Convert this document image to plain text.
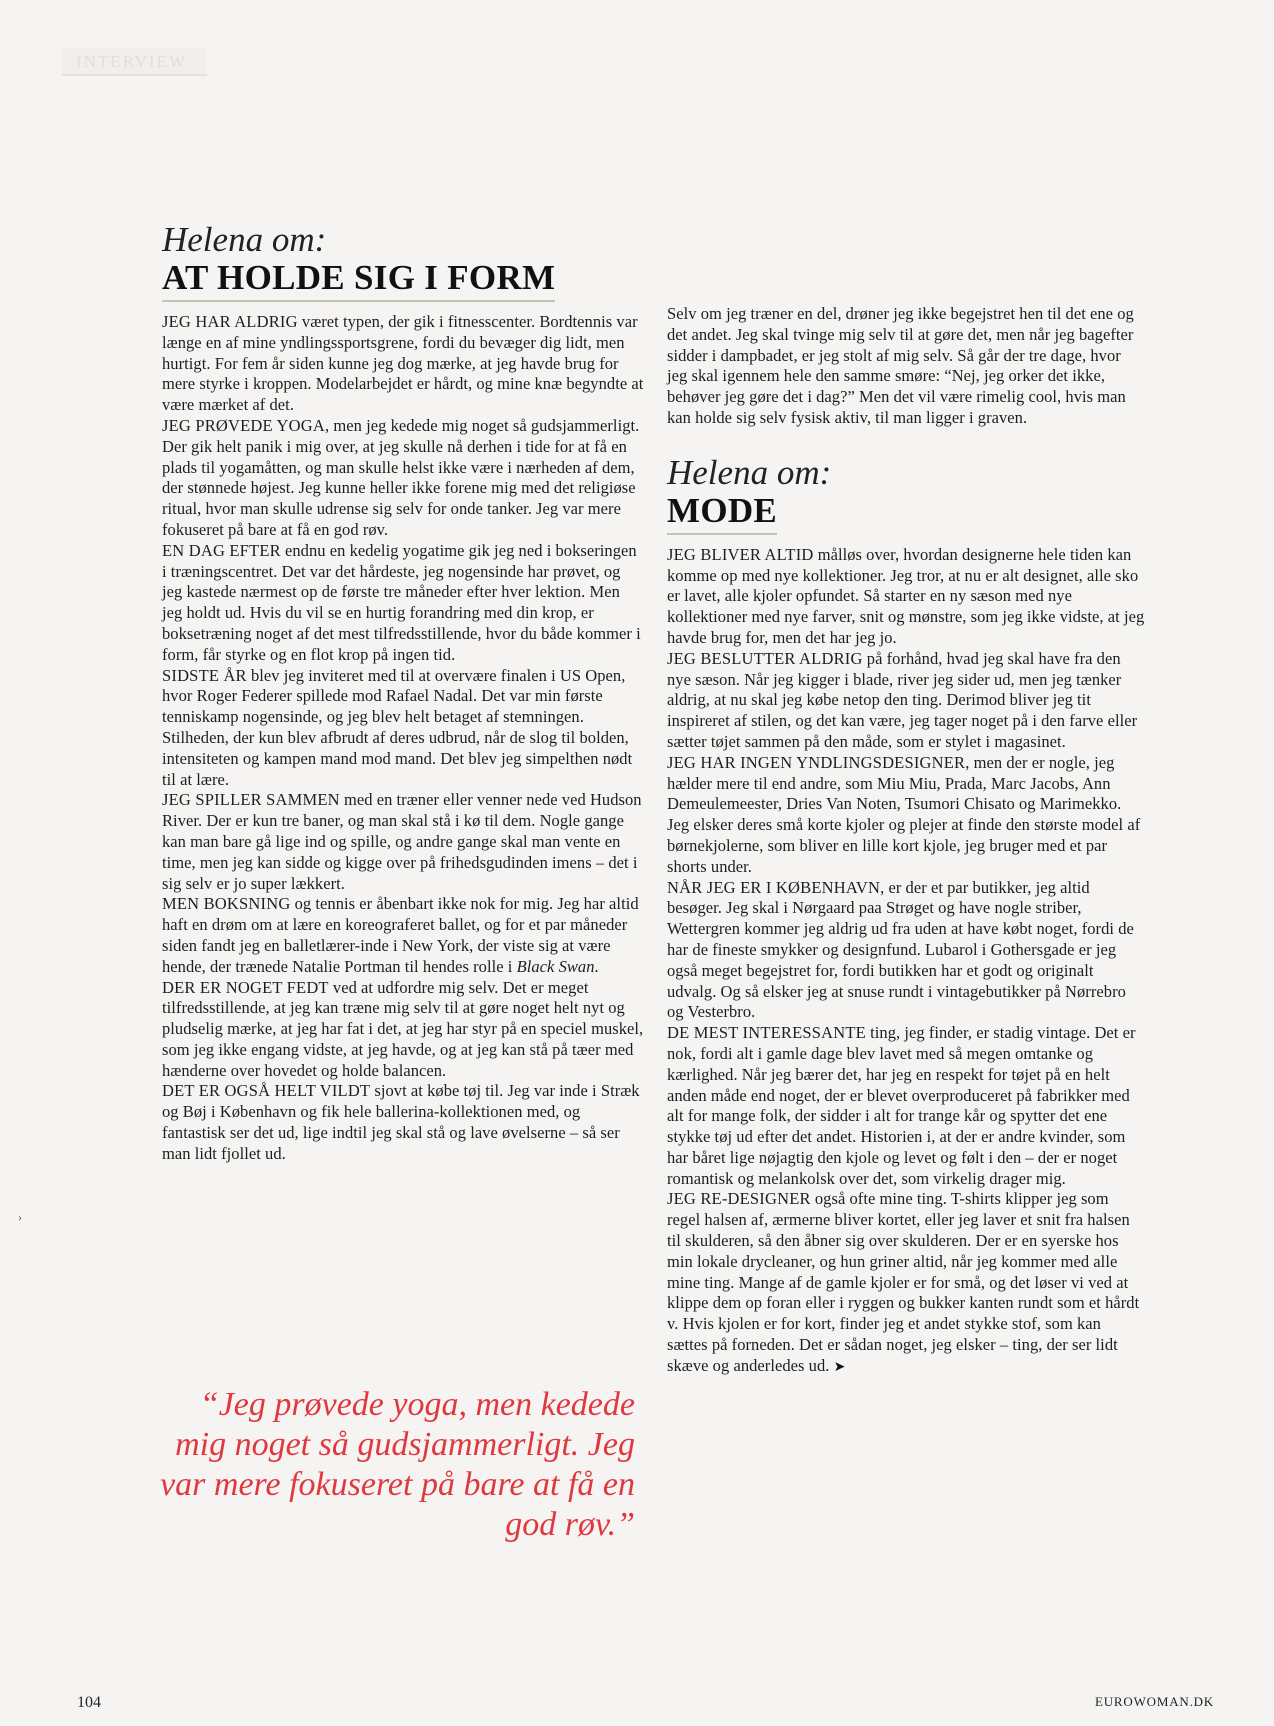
INTERVIEW

Helena om:

AT HOLDE SIG I FORM

JEG HAR ALDRIG været typen, der gik i fitnesscenter. Bordtennis var længe en af mine yndlingssportsgrene, fordi du bevæger dig lidt, men hurtigt. For fem år siden kunne jeg dog mærke, at jeg havde brug for mere styrke i kroppen. Modelarbejdet er hårdt, og mine knæ begyndte at være mærket af det.

JEG PRØVEDE YOGA, men jeg kedede mig noget så gudsjammerligt. Der gik helt panik i mig over, at jeg skulle nå derhen i tide for at få en plads til yogamåtten, og man skulle helst ikke være i nærheden af dem, der stønnede højest. Jeg kunne heller ikke forene mig med det religiøse ritual, hvor man skulle udrense sig selv for onde tanker. Jeg var mere fokuseret på bare at få en god røv.

EN DAG EFTER endnu en kedelig yogatime gik jeg ned i bokseringen i træningscentret. Det var det hårdeste, jeg nogensinde har prøvet, og jeg kastede nærmest op de første tre måneder efter hver lektion. Men jeg holdt ud. Hvis du vil se en hurtig forandring med din krop, er boksetræning noget af det mest tilfredsstillende, hvor du både kommer i form, får styrke og en flot krop på ingen tid.

SIDSTE ÅR blev jeg inviteret med til at overvære finalen i US Open, hvor Roger Federer spillede mod Rafael Nadal. Det var min første tenniskamp nogensinde, og jeg blev helt betaget af stemningen. Stilheden, der kun blev afbrudt af deres udbrud, når de slog til bolden, intensiteten og kampen mand mod mand. Det blev jeg simpelthen nødt til at lære.

JEG SPILLER SAMMEN med en træner eller venner nede ved Hudson River. Der er kun tre baner, og man skal stå i kø til dem. Nogle gange kan man bare gå lige ind og spille, og andre gange skal man vente en time, men jeg kan sidde og kigge over på frihedsgudinden imens – det i sig selv er jo super lækkert.

MEN BOKSNING og tennis er åbenbart ikke nok for mig. Jeg har altid haft en drøm om at lære en koreograferet ballet, og for et par måneder siden fandt jeg en balletlærer-inde i New York, der viste sig at være hende, der trænede Natalie Portman til hendes rolle i Black Swan.

DER ER NOGET FEDT ved at udfordre mig selv. Det er meget tilfredsstillende, at jeg kan træne mig selv til at gøre noget helt nyt og pludselig mærke, at jeg har fat i det, at jeg har styr på en speciel muskel, som jeg ikke engang vidste, at jeg havde, og at jeg kan stå på tæer med hænderne over hovedet og holde balancen.

DET ER OGSÅ HELT VILDT sjovt at købe tøj til. Jeg var inde i Stræk og Bøj i København og fik hele ballerina-kollektionen med, og fantastisk ser det ud, lige indtil jeg skal stå og lave øvelserne – så ser man lidt fjollet ud.

“Jeg prøvede yoga, men kedede mig noget så gudsjammerligt. Jeg var mere fokuseret på bare at få en god røv.”

Selv om jeg træner en del, drøner jeg ikke begejstret hen til det ene og det andet. Jeg skal tvinge mig selv til at gøre det, men når jeg bagefter sidder i dampbadet, er jeg stolt af mig selv. Så går der tre dage, hvor jeg skal igennem hele den samme smøre: “Nej, jeg orker det ikke, behøver jeg gøre det i dag?” Men det vil være rimelig cool, hvis man kan holde sig selv fysisk aktiv, til man ligger i graven.

Helena om:

MODE

JEG BLIVER ALTID målløs over, hvordan designerne hele tiden kan komme op med nye kollektioner. Jeg tror, at nu er alt designet, alle sko er lavet, alle kjoler opfundet. Så starter en ny sæson med nye kollektioner med nye farver, snit og mønstre, som jeg ikke vidste, at jeg havde brug for, men det har jeg jo.

JEG BESLUTTER ALDRIG på forhånd, hvad jeg skal have fra den nye sæson. Når jeg kigger i blade, river jeg sider ud, men jeg tænker aldrig, at nu skal jeg købe netop den ting. Derimod bliver jeg tit inspireret af stilen, og det kan være, jeg tager noget på i den farve eller sætter tøjet sammen på den måde, som er stylet i magasinet.

JEG HAR INGEN YNDLINGSDESIGNER, men der er nogle, jeg hælder mere til end andre, som Miu Miu, Prada, Marc Jacobs, Ann Demeulemeester, Dries Van Noten, Tsumori Chisato og Marimekko. Jeg elsker deres små korte kjoler og plejer at finde den største model af børnekjolerne, som bliver en lille kort kjole, jeg bruger med et par shorts under.

NÅR JEG ER I KØBENHAVN, er der et par butikker, jeg altid besøger. Jeg skal i Nørgaard paa Strøget og have nogle striber, Wettergren kommer jeg aldrig ud fra uden at have købt noget, fordi de har de fineste smykker og designfund. Lubarol i Gothersgade er jeg også meget begejstret for, fordi butikken har et godt og originalt udvalg. Og så elsker jeg at snuse rundt i vintagebutikker på Nørrebro og Vesterbro.

DE MEST INTERESSANTE ting, jeg finder, er stadig vintage. Det er nok, fordi alt i gamle dage blev lavet med så megen omtanke og kærlighed. Når jeg bærer det, har jeg en respekt for tøjet på en helt anden måde end noget, der er blevet overproduceret på fabrikker med alt for mange folk, der sidder i alt for trange kår og spytter det ene stykke tøj ud efter det andet. Historien i, at der er andre kvinder, som har båret lige nøjagtig den kjole og levet og følt i den – der er noget romantisk og melankolsk over det, som virkelig drager mig.

JEG RE-DESIGNER også ofte mine ting. T-shirts klipper jeg som regel halsen af, ærmerne bliver kortet, eller jeg laver et snit fra halsen til skulderen, så den åbner sig over skulderen. Der er en syerske hos min lokale drycleaner, og hun griner altid, når jeg kommer med alle mine ting. Mange af de gamle kjoler er for små, og det løser vi ved at klippe dem op foran eller i ryggen og bukker kanten rundt som et hårdt v. Hvis kjolen er for kort, finder jeg et andet stykke stof, som kan sættes på forneden. Det er sådan noget, jeg elsker – ting, der ser lidt skæve og anderledes ud. ➤

›
104	EUROWOMAN.DK
